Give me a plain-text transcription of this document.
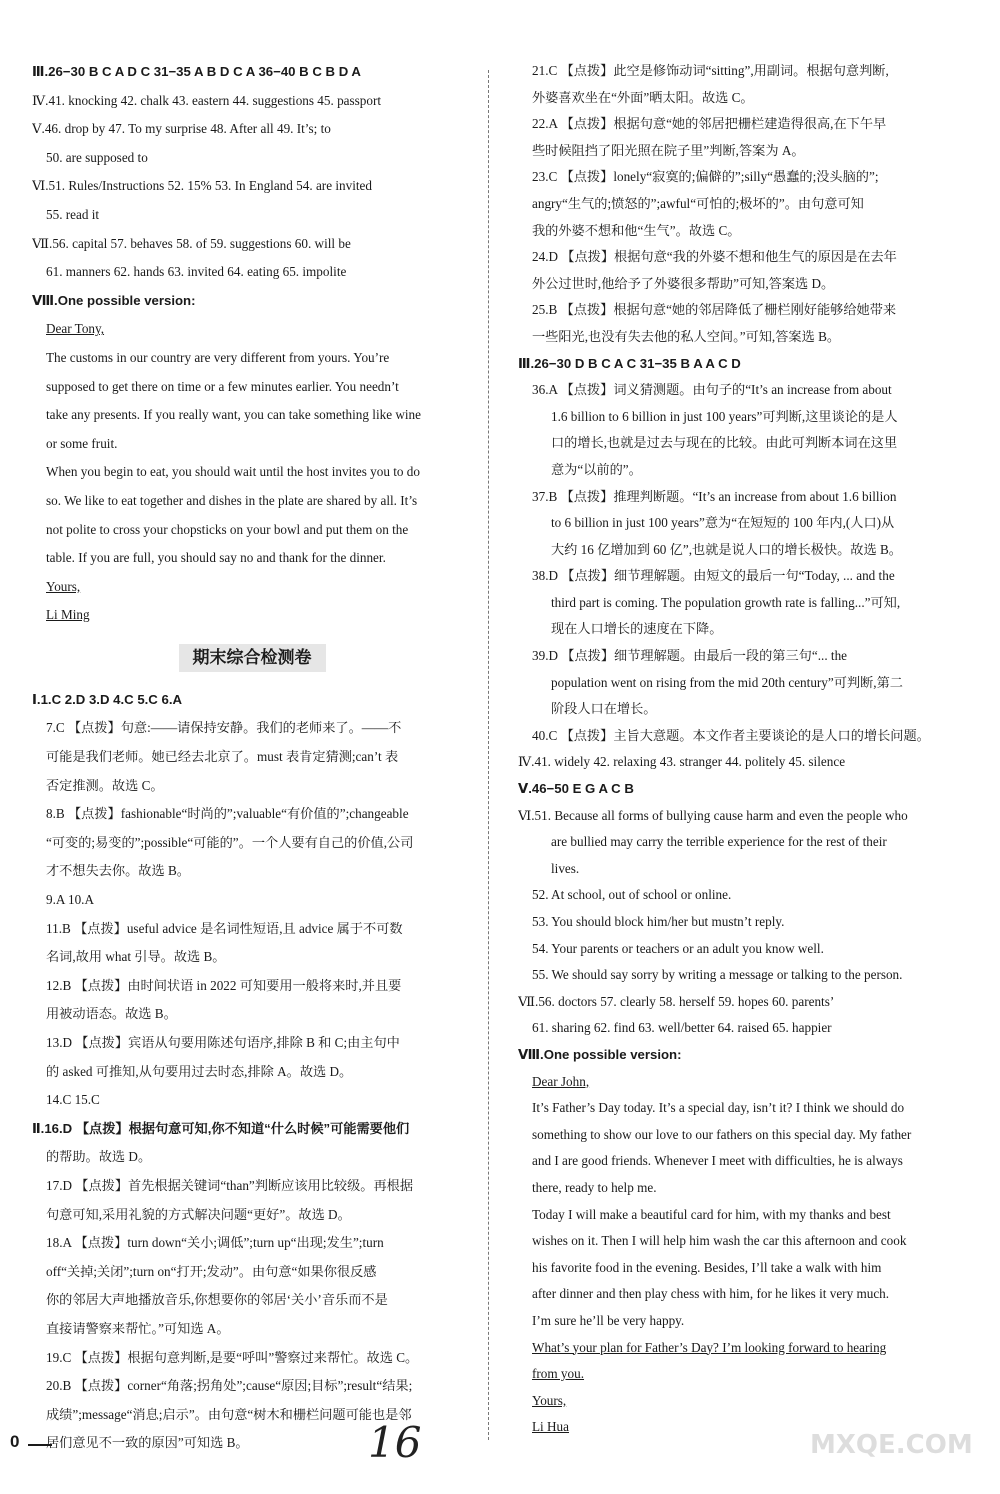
Ⅲ.26−30 B C A D C 31−35 A B D C A 36−40 B C B D A
Ⅳ.41. knocking 42. chalk 43. eastern 44. suggestions 45. passport
Ⅴ.46. drop by 47. To my surprise 48. After all 49. It’s; to
50. are supposed to
Ⅵ.51. Rules/Instructions 52. 15% 53. In England 54. are invited
55. read it
Ⅶ.56. capital 57. behaves 58. of 59. suggestions 60. will be
61. manners 62. hands 63. invited 64. eating 65. impolite
Ⅷ.One possible version:
Dear Tony,
The customs in our country are very different from yours. You’re
supposed to get there on time or a few minutes earlier. You needn’t
take any presents. If you really want, you can take something like wine
or some fruit.
When you begin to eat, you should wait until the host invites you to do
so. We like to eat together and dishes in the plate are shared by all. It’s
not polite to cross your chopsticks on your bowl and put them on the
table. If you are full, you should say no and thank for the dinner.
Yours,
Li Ming
期末综合检测卷
Ⅰ.1.C 2.D 3.D 4.C 5.C 6.A
7.C 【点拨】句意:——请保持安静。我们的老师来了。——不
可能是我们老师。她已经去北京了。must 表肯定猜测;can’t 表
否定推测。故选 C。
8.B 【点拨】fashionable“时尚的”;valuable“有价值的”;changeable
“可变的;易变的”;possible“可能的”。一个人要有自己的价值,公司
才不想失去你。故选 B。
9.A 10.A
11.B 【点拨】useful advice 是名词性短语,且 advice 属于不可数
名词,故用 what 引导。故选 B。
12.B 【点拨】由时间状语 in 2022 可知要用一般将来时,并且要
用被动语态。故选 B。
13.D 【点拨】宾语从句要用陈述句语序,排除 B 和 C;由主句中
的 asked 可推知,从句要用过去时态,排除 A。故选 D。
14.C 15.C
Ⅱ.16.D 【点拨】根据句意可知,你不知道“什么时候”可能需要他们
的帮助。故选 D。
17.D 【点拨】首先根据关键词“than”判断应该用比较级。再根据
句意可知,采用礼貌的方式解决问题“更好”。故选 D。
18.A 【点拨】turn down“关小;调低”;turn up“出现;发生”;turn
off“关掉;关闭”;turn on“打开;发动”。由句意“如果你很反感
你的邻居大声地播放音乐,你想要你的邻居‘关小’音乐而不是
直接请警察来帮忙。”可知选 A。
19.C 【点拨】根据句意判断,是要“呼叫”警察过来帮忙。故选 C。
20.B 【点拨】corner“角落;拐角处”;cause“原因;目标”;result“结果;
成绩”;message“消息;启示”。由句意“树木和栅栏问题可能也是邻
居们意见不一致的原因”可知选 B。
21.C 【点拨】此空是修饰动词“sitting”,用副词。根据句意判断,
外婆喜欢坐在“外面”晒太阳。故选 C。
22.A 【点拨】根据句意“她的邻居把栅栏建造得很高,在下午早
些时候阻挡了阳光照在院子里”判断,答案为 A。
23.C 【点拨】lonely“寂寞的;偏僻的”;silly“愚蠢的;没头脑的”;
angry“生气的;愤怒的”;awful“可怕的;极坏的”。由句意可知
我的外婆不想和他“生气”。故选 C。
24.D 【点拨】根据句意“我的外婆不想和他生气的原因是在去年
外公过世时,他给予了外婆很多帮助”可知,答案选 D。
25.B 【点拨】根据句意“她的邻居降低了栅栏刚好能够给她带来
一些阳光,也没有失去他的私人空间。”可知,答案选 B。
Ⅲ.26−30 D B C A C 31−35 B A A C D
36.A 【点拨】词义猜测题。由句子的“It’s an increase from about
1.6 billion to 6 billion in just 100 years”可判断,这里谈论的是人
口的增长,也就是过去与现在的比较。由此可判断本词在这里
意为“以前的”。
37.B 【点拨】推理判断题。“It’s an increase from about 1.6 billion
to 6 billion in just 100 years”意为“在短短的 100 年内,(人口)从
大约 16 亿增加到 60 亿”,也就是说人口的增长极快。故选 B。
38.D 【点拨】细节理解题。由短文的最后一句“Today, ... and the
third part is coming. The population growth rate is falling...”可知,
现在人口增长的速度在下降。
39.D 【点拨】细节理解题。由最后一段的第三句“... the
population went on rising from the mid 20th century”可判断,第二
阶段人口在增长。
40.C 【点拨】主旨大意题。本文作者主要谈论的是人口的增长问题。
Ⅳ.41. widely 42. relaxing 43. stranger 44. politely 45. silence
Ⅴ.46−50 E G A C B
Ⅵ.51. Because all forms of bullying cause harm and even the people who
are bullied may carry the terrible experience for the rest of their
lives.
52. At school, out of school or online.
53. You should block him/her but mustn’t reply.
54. Your parents or teachers or an adult you know well.
55. We should say sorry by writing a message or talking to the person.
Ⅶ.56. doctors 57. clearly 58. herself 59. hopes 60. parents’
61. sharing 62. find 63. well/better 64. raised 65. happier
Ⅷ.One possible version:
Dear John,
It’s Father’s Day today. It’s a special day, isn’t it? I think we should do
something to show our love to our fathers on this special day. My father
and I are good friends. Whenever I meet with difficulties, he is always
there, ready to help me.
Today I will make a beautiful card for him, with my thanks and best
wishes on it. Then I will help him wash the car this afternoon and cook
his favorite food in the evening. Besides, I’ll take a walk with him
after dinner and then play chess with him, for he likes it very much.
I’m sure he’ll be very happy.
What’s your plan for Father’s Day? I’m looking forward to hearing
from you.
Yours,
Li Hua
0	16	MXQE.COM
